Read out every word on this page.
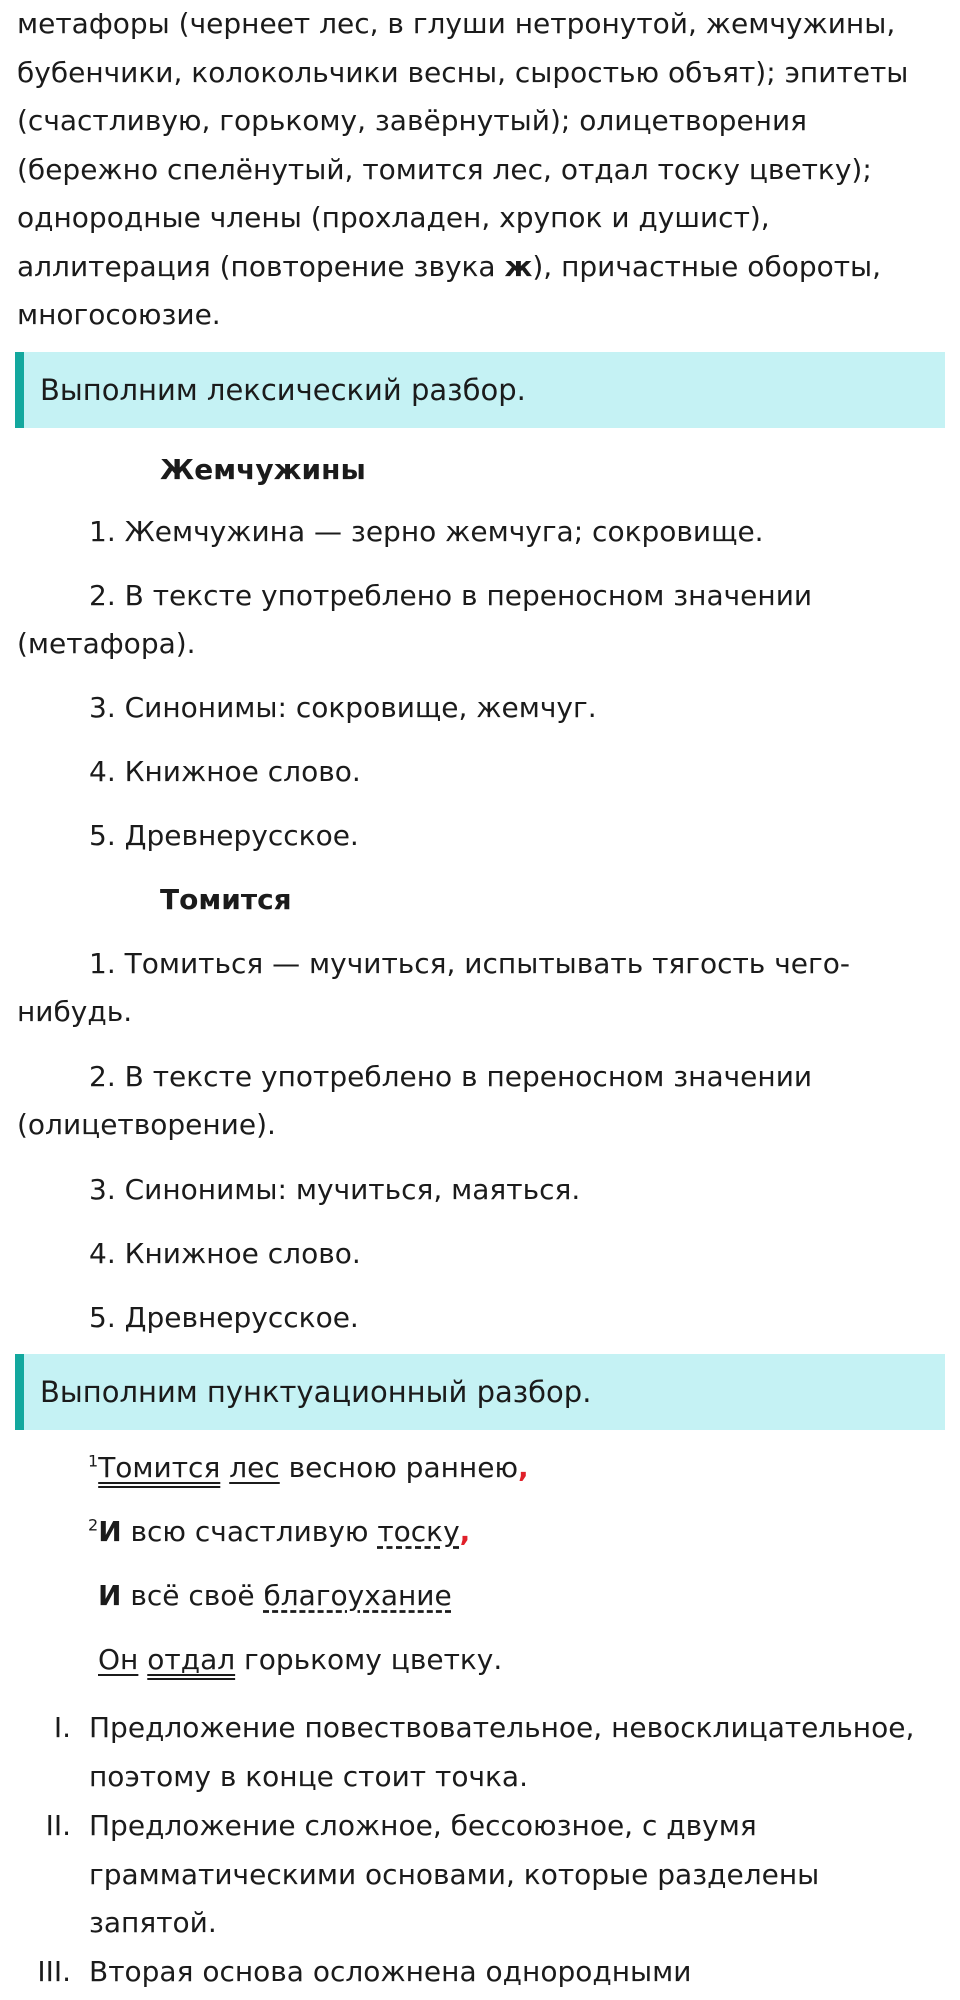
метафоры (чернеет лес, в глуши нетронутой, жемчужины, бубенчики, колокольчики весны, сыростью объят); эпитеты (счастливую, горькому, завёрнутый); олицетворения (бережно спелёнутый, томится лес, отдал тоску цветку); однородные члены (прохладен, хрупок и душист), аллитерация (повторение звука ж), причастные обороты, многосоюзие.

Выполним лексический разбор.

Жемчужины

1. Жемчужина — зерно жемчуга; сокровище.

2. В тексте употреблено в переносном значении (метафора).

3. Синонимы: сокровище, жемчуг.

4. Книжное слово.

5. Древнерусское.

Томится

1. Томиться — мучиться, испытывать тягость чего-нибудь.

2. В тексте употреблено в переносном значении (олицетворение).

3. Синонимы: мучиться, маяться.

4. Книжное слово.

5. Древнерусское.

Выполним пунктуационный разбор.

$^1$Томится лес весною раннею,

$^2$И всю счастливую тоску,

И всё своё благоухание

Он отдал горькому цветку.

I. Предложение повествовательное, невосклицательное, поэтому в конце стоит точка.
II. Предложение сложное, бессоюзное, с двумя грамматическими основами, которые разделены запятой.
III. Вторая основа осложнена однородными
